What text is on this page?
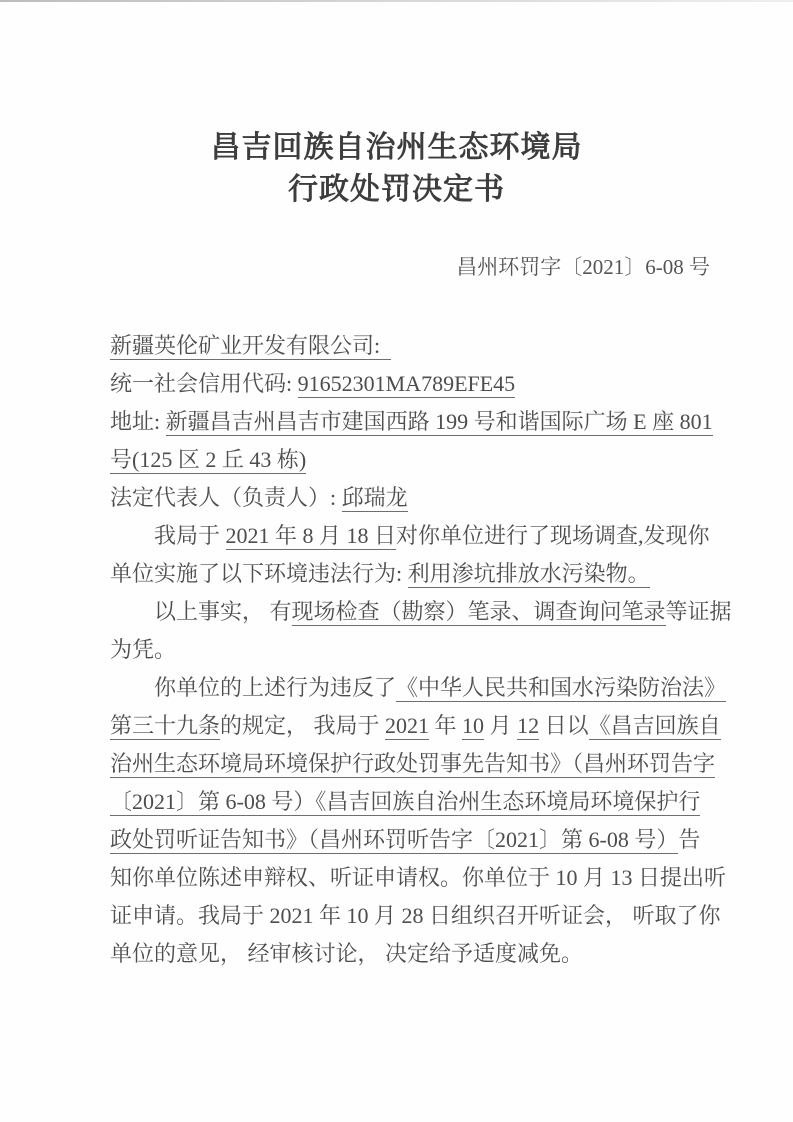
昌吉回族自治州生态环境局
行政处罚决定书
昌州环罚字〔2021〕6-08 号
新疆英伦矿业开发有限公司:
统一社会信用代码: 91652301MA789EFE45
地址: 新疆昌吉州昌吉市建国西路 199 号和谐国际广场 E 座 801
号(125 区 2 丘 43 栋)
法定代表人（负责人）: 邱瑞龙
我局于 2021 年 8 月 18 日对你单位进行了现场调查,发现你
单位实施了以下环境违法行为: 利用渗坑排放水污染物。
以上事实， 有现场检查（勘察）笔录、调查询问笔录等证据
为凭。
你单位的上述行为违反了《中华人民共和国水污染防治法》
第三十九条的规定， 我局于 2021 年 10 月 12 日以《昌吉回族自
治州生态环境局环境保护行政处罚事先告知书》（昌州环罚告字
〔2021〕第 6-08 号）《昌吉回族自治州生态环境局环境保护行
政处罚听证告知书》（昌州环罚听告字〔2021〕第 6-08 号）告
知你单位陈述申辩权、听证申请权。你单位于 10 月 13 日提出听
证申请。我局于 2021 年 10 月 28 日组织召开听证会， 听取了你
单位的意见， 经审核讨论， 决定给予适度减免。
